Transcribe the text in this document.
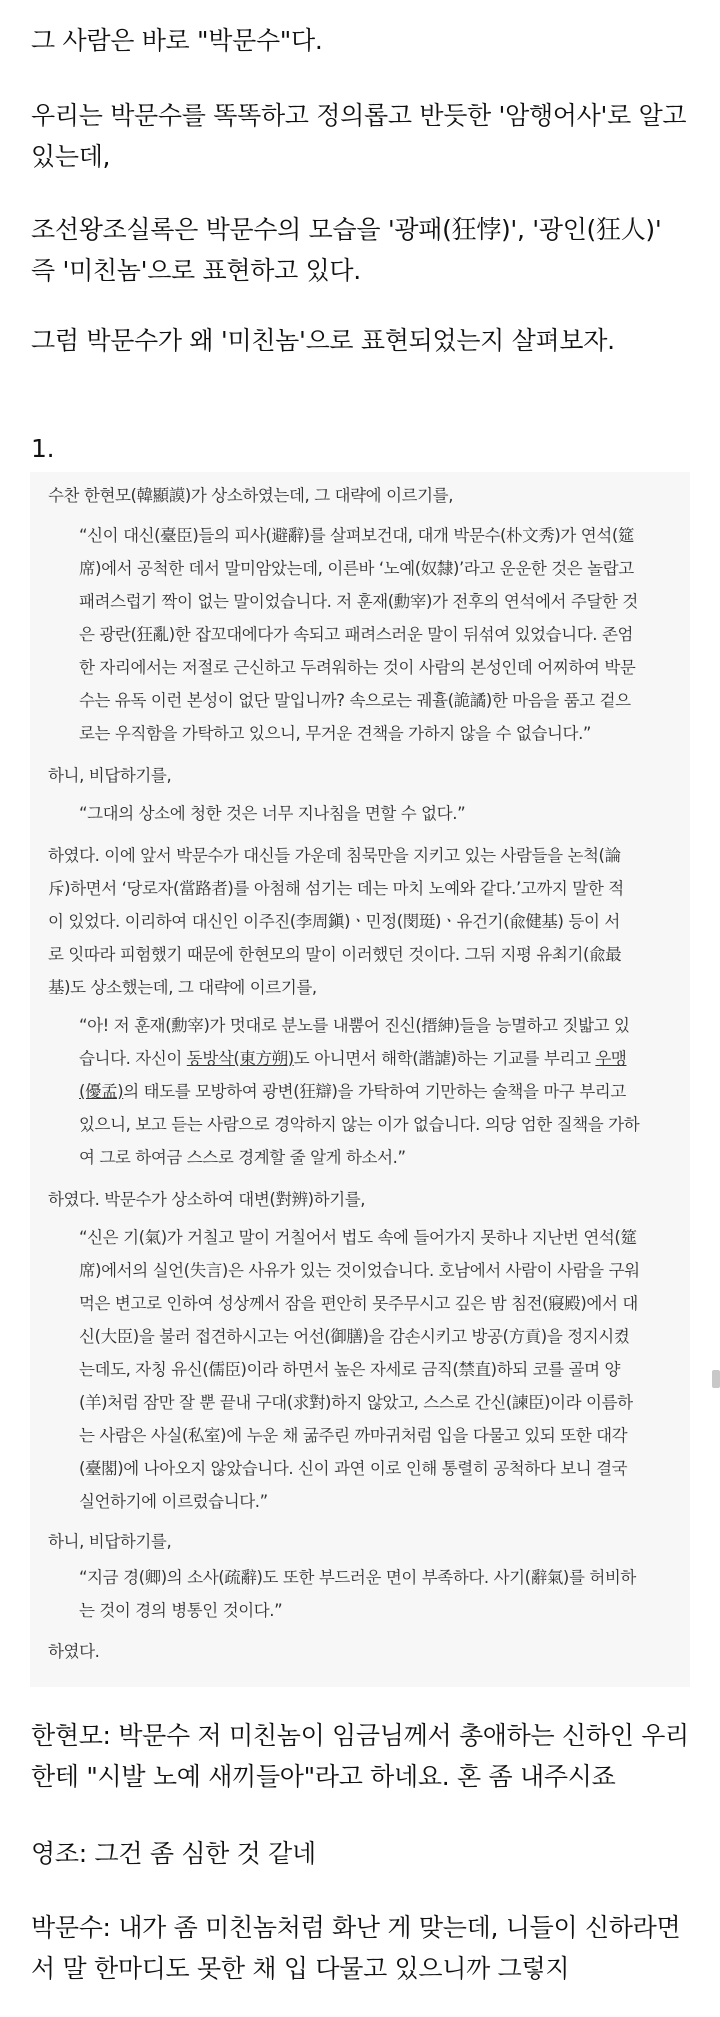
그 사람은 바로 "박문수"다.
우리는 박문수를 똑똑하고 정의롭고 반듯한 '암행어사'로 알고 있는데,
조선왕조실록은 박문수의 모습을 '광패(狂悖)', '광인(狂人)' 즉 '미친놈'으로 표현하고 있다.
그럼 박문수가 왜 '미친놈'으로 표현되었는지 살펴보자.
1.
수찬 한현모(韓顯謨)가 상소하였는데, 그 대략에 이르기를,
“신이 대신(臺臣)들의 피사(避辭)를 살펴보건대, 대개 박문수(朴文秀)가 연석(筵
席)에서 공척한 데서 말미암았는데, 이른바 ‘노예(奴隸)’라고 운운한 것은 놀랍고
패려스럽기 짝이 없는 말이었습니다. 저 훈재(勳宰)가 전후의 연석에서 주달한 것
은 광란(狂亂)한 잡꼬대에다가 속되고 패려스러운 말이 뒤섞여 있었습니다. 존엄
한 자리에서는 저절로 근신하고 두려워하는 것이 사람의 본성인데 어찌하여 박문
수는 유독 이런 본성이 없단 말입니까? 속으로는 궤휼(詭譎)한 마음을 품고 겉으
로는 우직함을 가탁하고 있으니, 무거운 견책을 가하지 않을 수 없습니다.”
하니, 비답하기를,
“그대의 상소에 청한 것은 너무 지나침을 면할 수 없다.”
하였다. 이에 앞서 박문수가 대신들 가운데 침묵만을 지키고 있는 사람들을 논척(論
斥)하면서 ‘당로자(當路者)를 아첨해 섬기는 데는 마치 노예와 같다.’고까지 말한 적
이 있었다. 이리하여 대신인 이주진(李周鎭)ㆍ민정(閔珽)ㆍ유건기(兪健基) 등이 서
로 잇따라 피험했기 때문에 한현모의 말이 이러했던 것이다. 그뒤 지평 유최기(兪最
基)도 상소했는데, 그 대략에 이르기를,
“아! 저 훈재(勳宰)가 멋대로 분노를 내뿜어 진신(搢紳)들을 능멸하고 짓밟고 있
습니다. 자신이 동방삭(東方朔)도 아니면서 해학(諧謔)하는 기교를 부리고 우맹
(優孟)의 태도를 모방하여 광변(狂辯)을 가탁하여 기만하는 술책을 마구 부리고
있으니, 보고 듣는 사람으로 경악하지 않는 이가 없습니다. 의당 엄한 질책을 가하
여 그로 하여금 스스로 경계할 줄 알게 하소서.”
하였다. 박문수가 상소하여 대변(對辨)하기를,
“신은 기(氣)가 거칠고 말이 거칠어서 법도 속에 들어가지 못하나 지난번 연석(筵
席)에서의 실언(失言)은 사유가 있는 것이었습니다. 호남에서 사람이 사람을 구워
먹은 변고로 인하여 성상께서 잠을 편안히 못주무시고 깊은 밤 침전(寢殿)에서 대
신(大臣)을 불러 접견하시고는 어선(御膳)을 감손시키고 방공(方貢)을 정지시켰
는데도, 자칭 유신(儒臣)이라 하면서 높은 자세로 금직(禁直)하되 코를 골며 양
(羊)처럼 잠만 잘 뿐 끝내 구대(求對)하지 않았고, 스스로 간신(諫臣)이라 이름하
는 사람은 사실(私室)에 누운 채 굶주린 까마귀처럼 입을 다물고 있되 또한 대각
(臺閣)에 나아오지 않았습니다. 신이 과연 이로 인해 통렬히 공척하다 보니 결국
실언하기에 이르렀습니다.”
하니, 비답하기를,
“지금 경(卿)의 소사(疏辭)도 또한 부드러운 면이 부족하다. 사기(辭氣)를 허비하
는 것이 경의 병통인 것이다.”
하였다.
한현모: 박문수 저 미친놈이 임금님께서 총애하는 신하인 우리한테 "시발 노예 새끼들아"라고 하네요. 혼 좀 내주시죠
영조: 그건 좀 심한 것 같네
박문수: 내가 좀 미친놈처럼 화난 게 맞는데, 니들이 신하라면서 말 한마디도 못한 채 입 다물고 있으니까 그렇지
